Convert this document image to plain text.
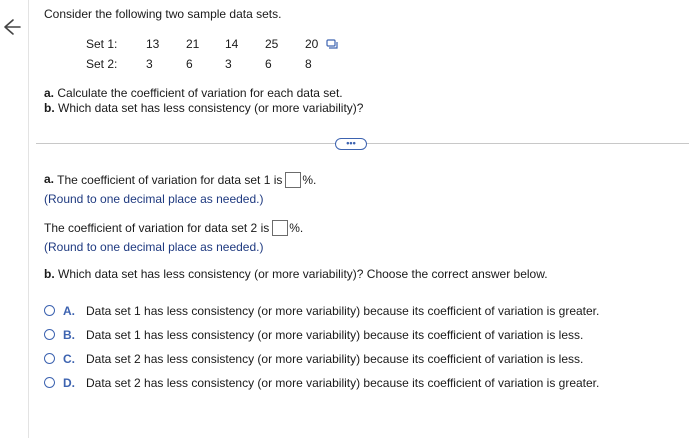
Consider the following two sample data sets.
Set 1: 13 21 14 25 20
Set 2: 3	6	3	6	8
a. Calculate the coefficient of variation for each data set.
b. Which data set has less consistency (or more variability)?
•••
a. The coefficient of variation for data set 1 is %.
(Round to one decimal place as needed.)
The coefficient of variation for data set 2 is %.
(Round to one decimal place as needed.)
b. Which data set has less consistency (or more variability)? Choose the correct answer below.
A. Data set 1 has less consistency (or more variability) because its coefficient of variation is greater.
B. Data set 1 has less consistency (or more variability) because its coefficient of variation is less.
C. Data set 2 has less consistency (or more variability) because its coefficient of variation is less.
D. Data set 2 has less consistency (or more variability) because its coefficient of variation is greater.
